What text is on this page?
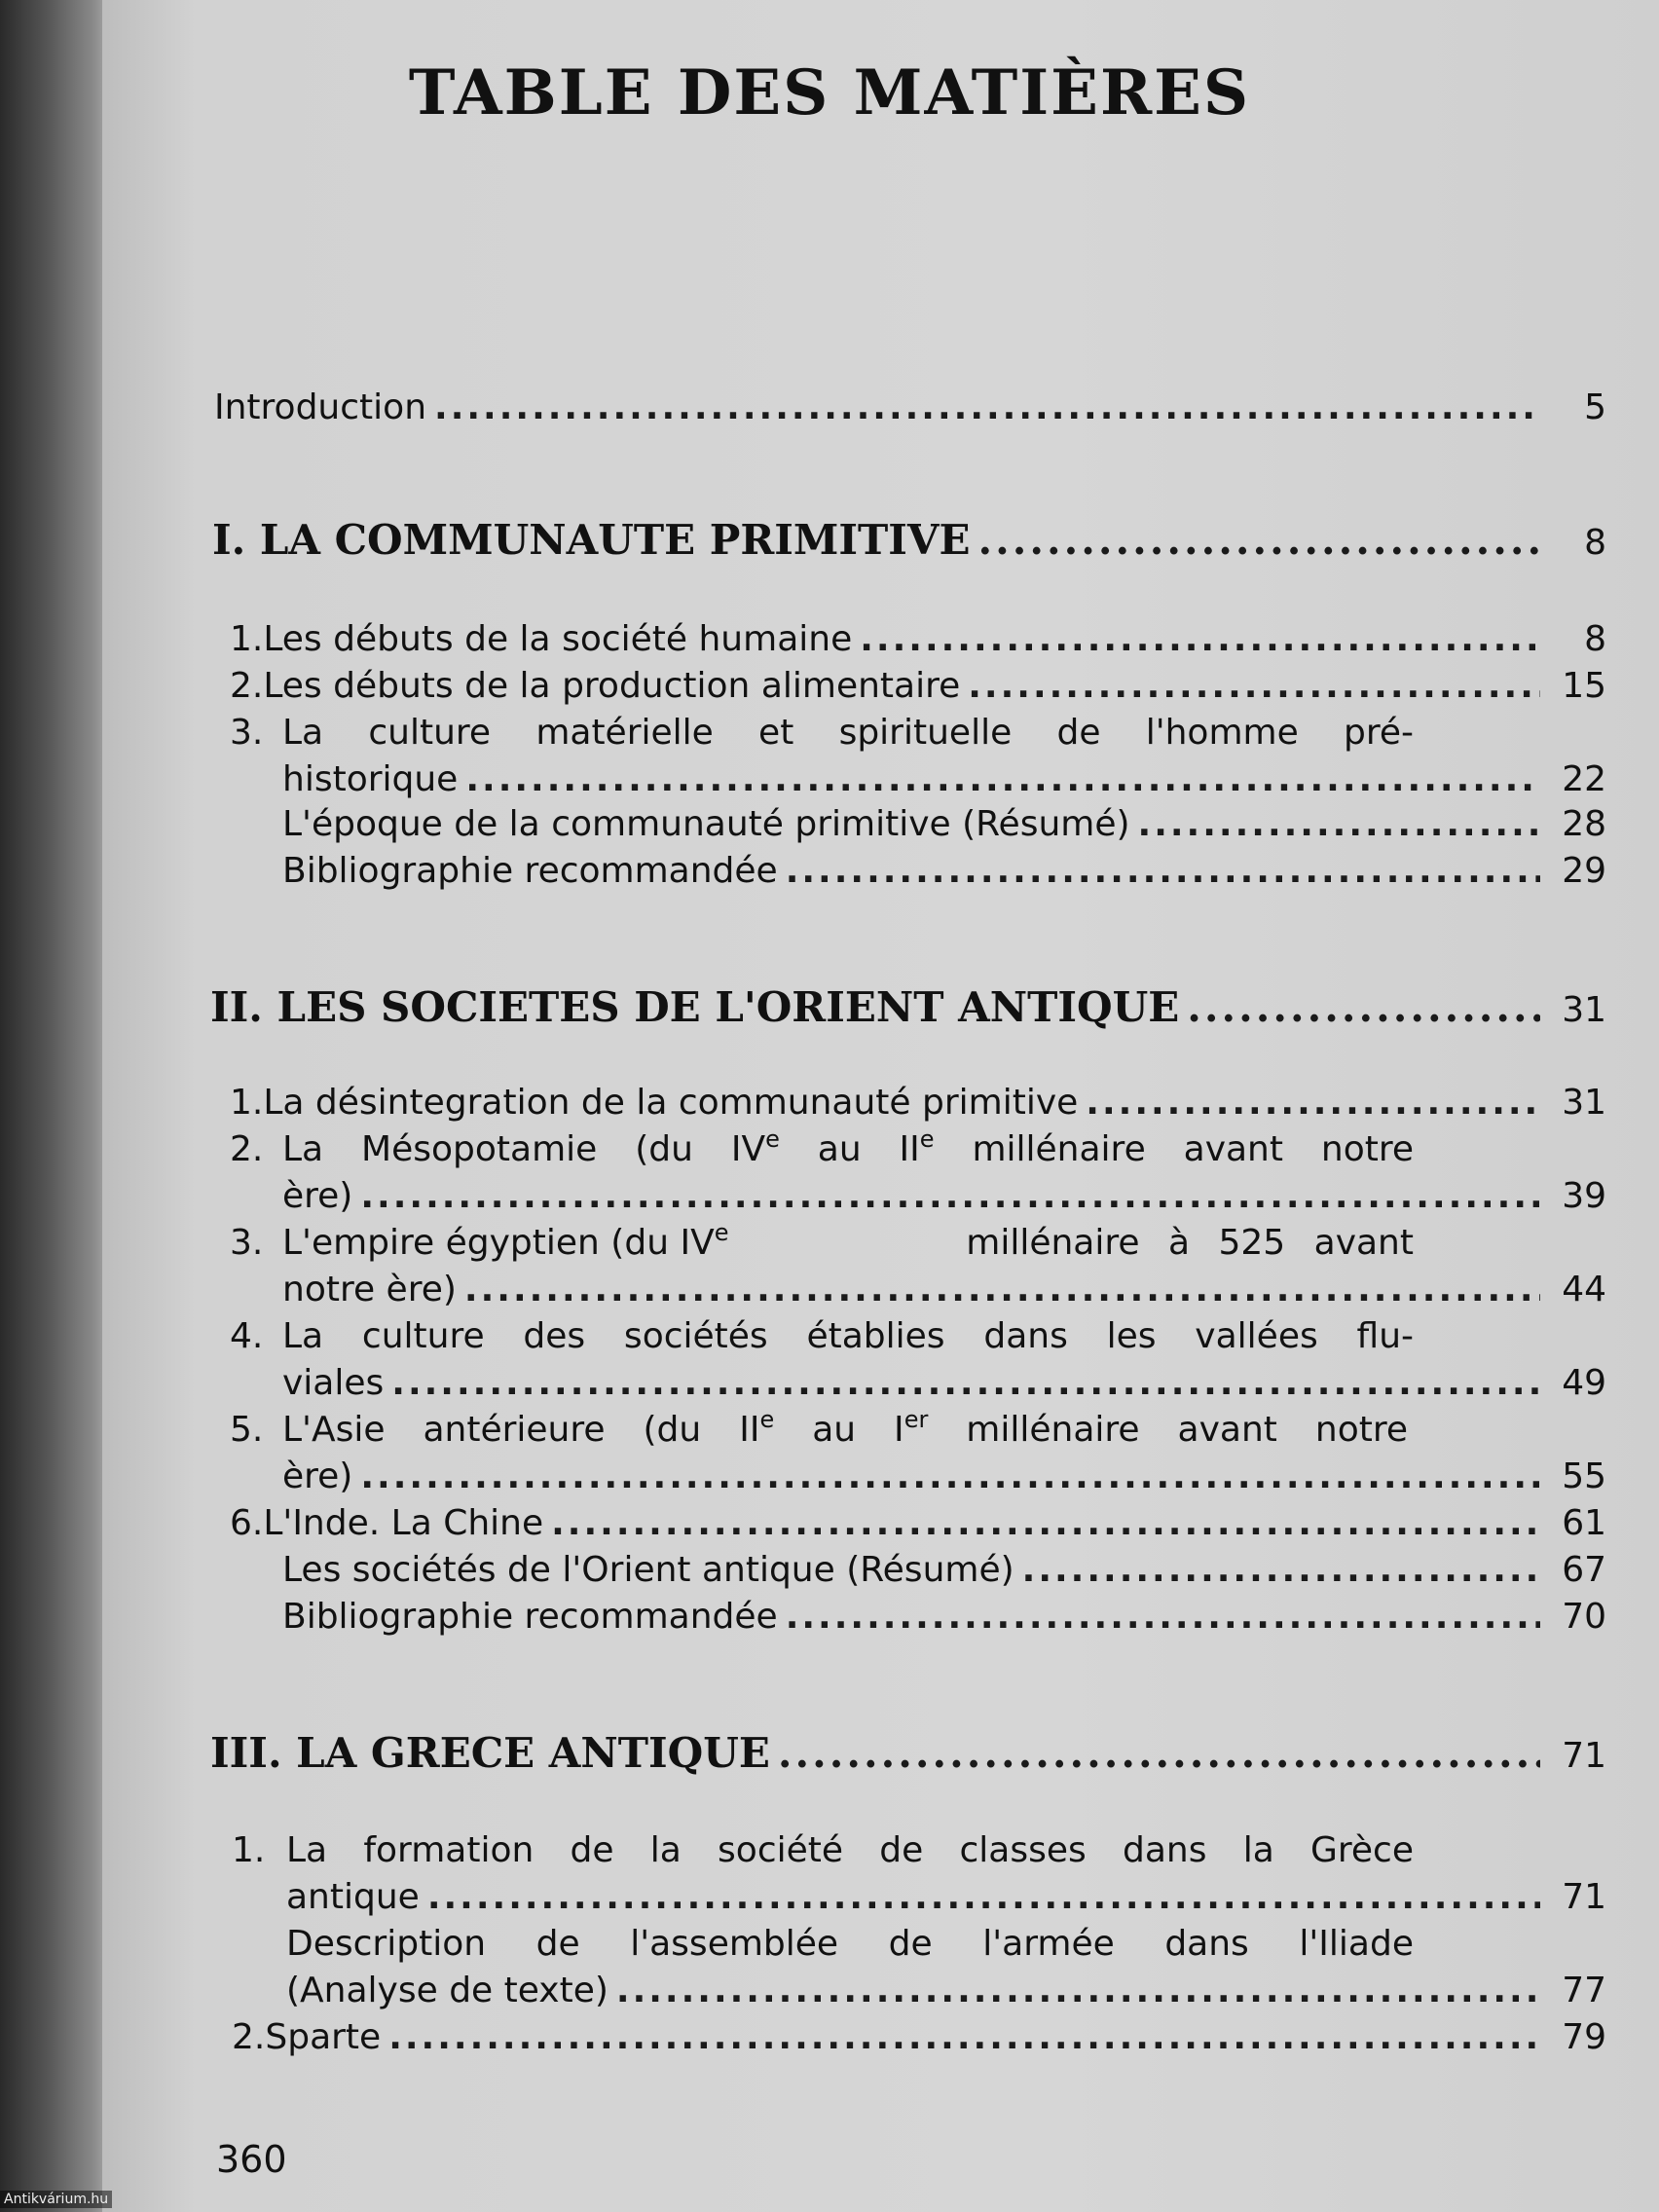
TABLE DES MATIÈRES
Introduction .....	5
I. LA COMMUNAUTE PRIMITIVE .....	8
1. Les débuts de la société humaine .....	8
2. Les débuts de la production alimentaire .....	15
3. La culture matérielle et spirituelle de l'homme pré-
historique .....	22
L'époque de la communauté primitive (Résumé) .....	28
Bibliographie recommandée .....	29
II. LES SOCIETES DE L'ORIENT ANTIQUE .....	31
1. La désintegration de la communauté primitive .....	31
2. La Mésopotamie (du IVe au IIe millénaire avant notre
ère) .....	39
3. L'empire égyptien (du IVe	millénaire à 525 avant
notre ère) .....	44
4. La culture des sociétés établies dans les vallées flu-
viales .....	49
5. L'Asie antérieure (du IIe au Ier millénaire avant notre
ère) .....	55
6. L'Inde. La Chine .....	61
Les sociétés de l'Orient antique (Résumé) .....	67
Bibliographie recommandée .....	70
III. LA GRECE ANTIQUE .....	71
1. La formation de la société de classes dans la Grèce
antique .....	71
Description de l'assemblée de l'armée dans l'Iliade
(Analyse de texte) .....	77
2. Sparte .....	79
360
Antikvárium.hu
